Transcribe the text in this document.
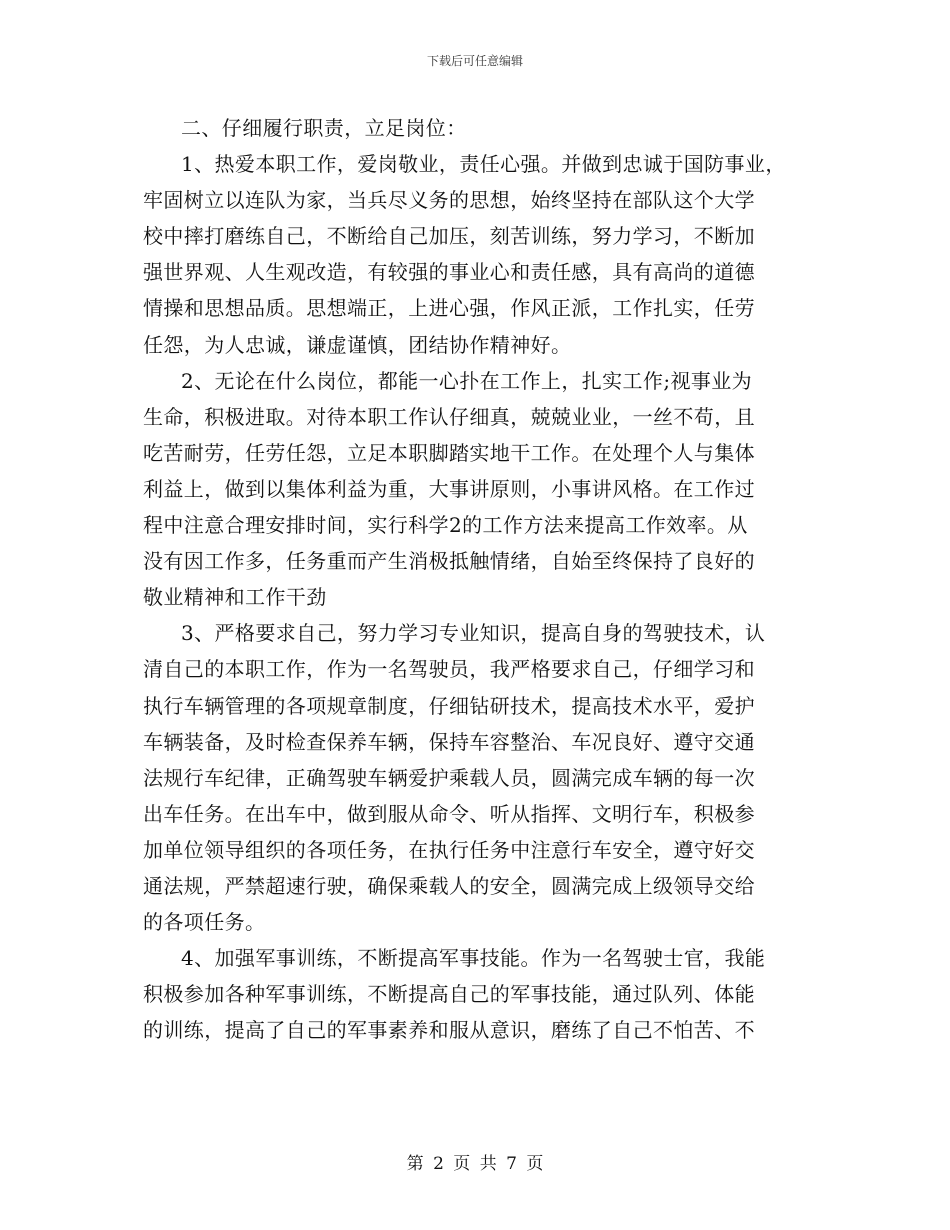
下载后可任意编辑
二、仔细履行职责，立足岗位：
1、热爱本职工作，爱岗敬业，责任心强。并做到忠诚于国防事业，
牢固树立以连队为家，当兵尽义务的思想，始终坚持在部队这个大学
校中摔打磨练自己，不断给自己加压，刻苦训练，努力学习，不断加
强世界观、人生观改造，有较强的事业心和责任感，具有高尚的道德
情操和思想品质。思想端正，上进心强，作风正派，工作扎实，任劳
任怨，为人忠诚，谦虚谨慎，团结协作精神好。
2、无论在什么岗位，都能一心扑在工作上，扎实工作;视事业为
生命，积极进取。对待本职工作认仔细真，兢兢业业，一丝不苟，且
吃苦耐劳，任劳任怨，立足本职脚踏实地干工作。在处理个人与集体
利益上，做到以集体利益为重，大事讲原则，小事讲风格。在工作过
程中注意合理安排时间，实行科学2的工作方法来提高工作效率。从
没有因工作多，任务重而产生消极抵触情绪，自始至终保持了良好的
敬业精神和工作干劲
3、严格要求自己，努力学习专业知识，提高自身的驾驶技术，认
清自己的本职工作，作为一名驾驶员，我严格要求自己，仔细学习和
执行车辆管理的各项规章制度，仔细钻研技术，提高技术水平，爱护
车辆装备，及时检查保养车辆，保持车容整治、车况良好、遵守交通
法规行车纪律，正确驾驶车辆爱护乘载人员，圆满完成车辆的每一次
出车任务。在出车中，做到服从命令、听从指挥、文明行车，积极参
加单位领导组织的各项任务，在执行任务中注意行车安全，遵守好交
通法规，严禁超速行驶，确保乘载人的安全，圆满完成上级领导交给
的各项任务。
4、加强军事训练，不断提高军事技能。作为一名驾驶士官，我能
积极参加各种军事训练，不断提高自己的军事技能，通过队列、体能
的训练，提高了自己的军事素养和服从意识，磨练了自己不怕苦、不
第 2 页 共 7 页
